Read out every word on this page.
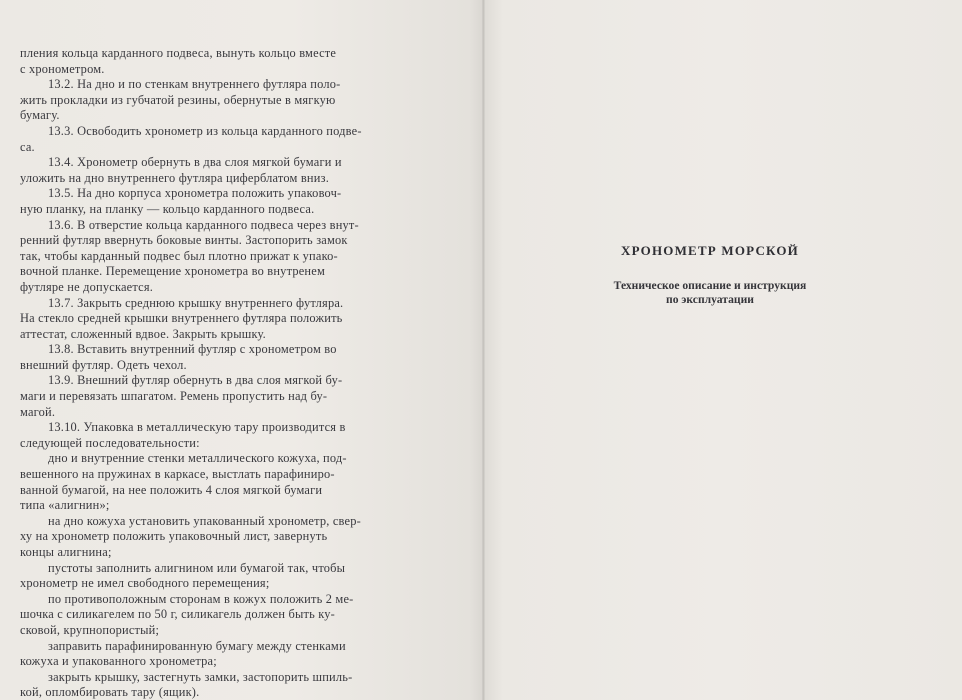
пления кольца карданного подвеса, вынуть кольцо вместе
с хронометром.

13.2. На дно и по стенкам внутреннего футляра поло-
жить прокладки из губчатой резины, обернутые в мягкую
бумагу.

13.3. Освободить хронометр из кольца карданного подве-
са.

13.4. Хронометр обернуть в два слоя мягкой бумаги и
уложить на дно внутреннего футляра циферблатом вниз.

13.5. На дно корпуса хронометра положить упаковоч-
ную планку, на планку — кольцо карданного подвеса.

13.6. В отверстие кольца карданного подвеса через внут-
ренний футляр ввернуть боковые винты. Застопорить замок
так, чтобы карданный подвес был плотно прижат к упако-
вочной планке. Перемещение хронометра во внутренем
футляре не допускается.

13.7. Закрыть среднюю крышку внутреннего футляра.
На стекло средней крышки внутреннего футляра положить
аттестат, сложенный вдвое. Закрыть крышку.

13.8. Вставить внутренний футляр с хронометром во
внешний футляр. Одеть чехол.

13.9. Внешний футляр обернуть в два слоя мягкой бу-
маги и перевязать шпагатом. Ремень пропустить над бу-
магой.

13.10. Упаковка в металлическую тару производится в
следующей последовательности:

дно и внутренние стенки металлического кожуха, под-
вешенного на пружинах в каркасе, выстлать парафиниро-
ванной бумагой, на нее положить 4 слоя мягкой бумаги
типа «алигнин»;

на дно кожуха установить упакованный хронометр, свер-
ху на хронометр положить упаковочный лист, завернуть
концы алигнина;

пустоты заполнить алигнином или бумагой так, чтобы
хронометр не имел свободного перемещения;

по противоположным сторонам в кожух положить 2 ме-
шочка с силикагелем по 50 г, силикагель должен быть ку-
сковой, крупнопористый;

заправить парафинированную бумагу между стенками
кожуха и упакованного хронометра;

закрыть крышку, застегнуть замки, застопорить шпиль-
кой, опломбировать тару (ящик).

ХРОНОМЕТР МОРСКОЙ

Техническое описание и инструкция

по эксплуатации
